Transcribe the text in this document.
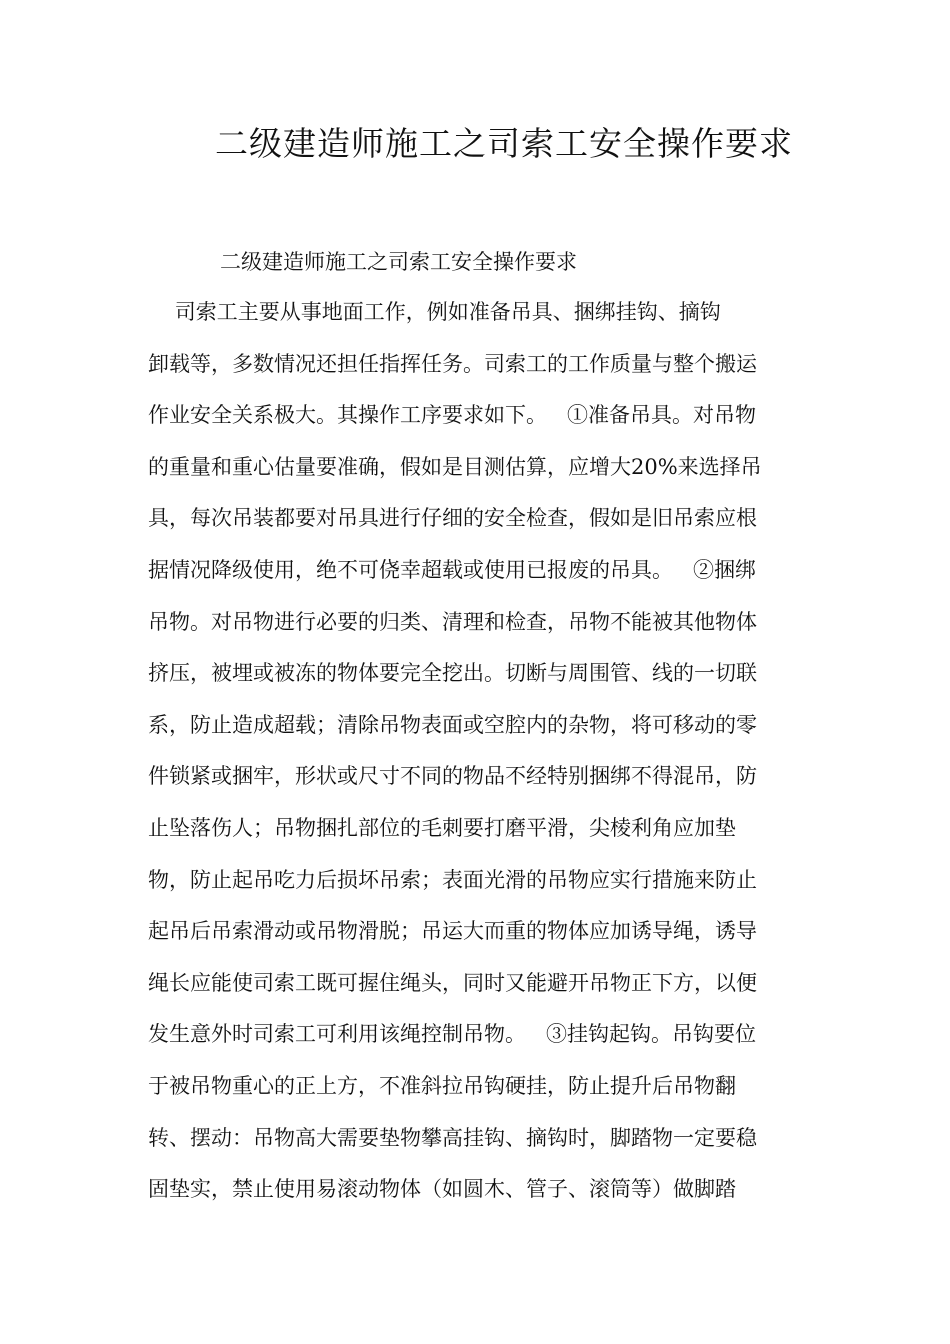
二级建造师施工之司索工安全操作要求

二级建造师施工之司索工安全操作要求

司索工主要从事地面工作，例如准备吊具、捆绑挂钩、摘钩
卸载等，多数情况还担任指挥任务。司索工的工作质量与整个搬运
作业安全关系极大。其操作工序要求如下。   ①准备吊具。对吊物
的重量和重心估量要准确，假如是目测估算，应增大20%来选择吊
具，每次吊装都要对吊具进行仔细的安全检查，假如是旧吊索应根
据情况降级使用，绝不可侥幸超载或使用已报废的吊具。   ②捆绑
吊物。对吊物进行必要的归类、清理和检查，吊物不能被其他物体
挤压，被埋或被冻的物体要完全挖出。切断与周围管、线的一切联
系，防止造成超载；清除吊物表面或空腔内的杂物，将可移动的零
件锁紧或捆牢，形状或尺寸不同的物品不经特别捆绑不得混吊，防
止坠落伤人；吊物捆扎部位的毛刺要打磨平滑，尖棱利角应加垫
物，防止起吊吃力后损坏吊索；表面光滑的吊物应实行措施来防止
起吊后吊索滑动或吊物滑脱；吊运大而重的物体应加诱导绳，诱导
绳长应能使司索工既可握住绳头，同时又能避开吊物正下方，以便
发生意外时司索工可利用该绳控制吊物。   ③挂钩起钩。吊钩要位
于被吊物重心的正上方，不准斜拉吊钩硬挂，防止提升后吊物翻
转、摆动：吊物高大需要垫物攀高挂钩、摘钩时，脚踏物一定要稳
固垫实，禁止使用易滚动物体（如圆木、管子、滚筒等）做脚踏
